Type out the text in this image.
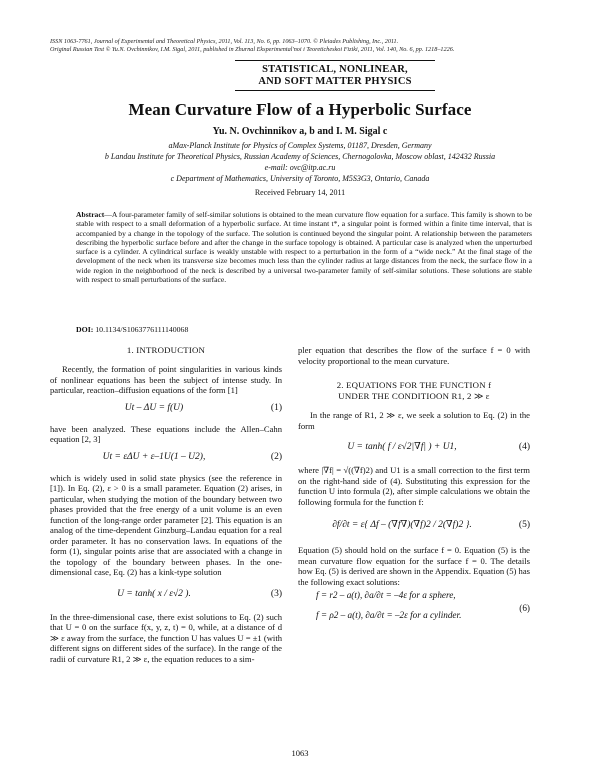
ISSN 1063-7761, Journal of Experimental and Theoretical Physics, 2011, Vol. 113, No. 6, pp. 1063–1070. © Pleiades Publishing, Inc., 2011.
Original Russian Text © Yu.N. Ovchinnikov, I.M. Sigal, 2011, published in Zhurnal Eksperimental'noi i Teoreticheskoi Fiziki, 2011, Vol. 140, No. 6, pp. 1218–1226.
STATISTICAL, NONLINEAR,
AND SOFT MATTER PHYSICS
Mean Curvature Flow of a Hyperbolic Surface
Yu. N. Ovchinnikov a, b and I. M. Sigal c
aMax-Planck Institute for Physics of Complex Systems, 01187, Dresden, Germany
b Landau Institute for Theoretical Physics, Russian Academy of Sciences, Chernogolovka, Moscow oblast, 142432 Russia
e-mail: ovc@itp.ac.ru
c Department of Mathematics, University of Toronto, M5S3G3, Ontario, Canada
Received February 14, 2011
Abstract—A four-parameter family of self-similar solutions is obtained to the mean curvature flow equation for a surface. This family is shown to be stable with respect to a small deformation of a hyperbolic surface. At time instant t*, a singular point is formed within a finite time interval, that is accompanied by a change in the topology of the surface. The solution is continued beyond the singular point. A relationship between the parameters describing the hyperbolic surface before and after the change in the surface topology is obtained. A particular case is analyzed when the unperturbed surface is a cylinder. A cylindrical surface is weakly unstable with respect to a perturbation in the form of a “wide neck.” At the final stage of the development of the neck when its transverse size becomes much less than the cylinder radius at large distances from the neck, the surface flow in a wide region in the neighborhood of the neck is described by a universal two-parameter family of self-similar solutions. These solutions are stable with respect to small perturbations of the surface.
DOI: 10.1134/S1063776111140068
1. INTRODUCTION
Recently, the formation of point singularities in various kinds of nonlinear equations has been the subject of intense study. In particular, reaction–diffusion equations of the form [1]
Ut – ΔU = f(U)	(1)
have been analyzed. These equations include the Allen–Cahn equation [2, 3]
Ut = εΔU + ε–1U(1 – U2),	(2)
which is widely used in solid state physics (see the reference in [1]). In Eq. (2), ε > 0 is a small parameter. Equation (2) arises, in particular, when studying the motion of the boundary between two phases provided that the free energy of a unit volume is an even function of the long-range order parameter [2]. This equation is an analog of the time-dependent Ginzburg–Landau equation for a real order parameter. It has no conservation laws. In equations of the form (1), singular points arise that are associated with a change in the topology of the boundary between phases. In the one-dimensional case, Eq. (2) has a kink-type solution
U = tanh( x / ε√2 ).	(3)
In the three-dimensional case, there exist solutions to Eq. (2) such that U = 0 on the surface f(x, y, z, t) = 0, while, at a distance of d ≫ ε away from the surface, the function U has values U = ±1 (with different signs on different sides of the surface). In the range of the radii of curvature R1, 2 ≫ ε, the equation reduces to a sim-
pler equation that describes the flow of the surface f = 0 with velocity proportional to the mean curvature.
2. EQUATIONS FOR THE FUNCTION f
UNDER THE CONDITIOON R1, 2 ≫ ε
In the range of R1, 2 ≫ ε, we seek a solution to Eq. (2) in the form
U = tanh( f / ε√2|∇f| ) + U1,	(4)
where |∇f| = √((∇f)2) and U1 is a small correction to the first term on the right-hand side of (4). Substituting this expression for the function U into formula (2), after simple calculations we obtain the following formula for the function f:
∂f/∂t = ε{ Δf – (∇f∇)(∇f)2 / 2(∇f)2 }.	(5)
Equation (5) should hold on the surface f = 0. Equation (5) is the mean curvature flow equation for the surface f = 0. The details how Eq. (5) is derived are shown in the Appendix. Equation (5) has the following exact solutions:
f = r2 – a(t), ∂a/∂t = –4ε for a sphere,
f = ρ2 – a(t), ∂a/∂t = –2ε for a cylinder.
(6)
1063
